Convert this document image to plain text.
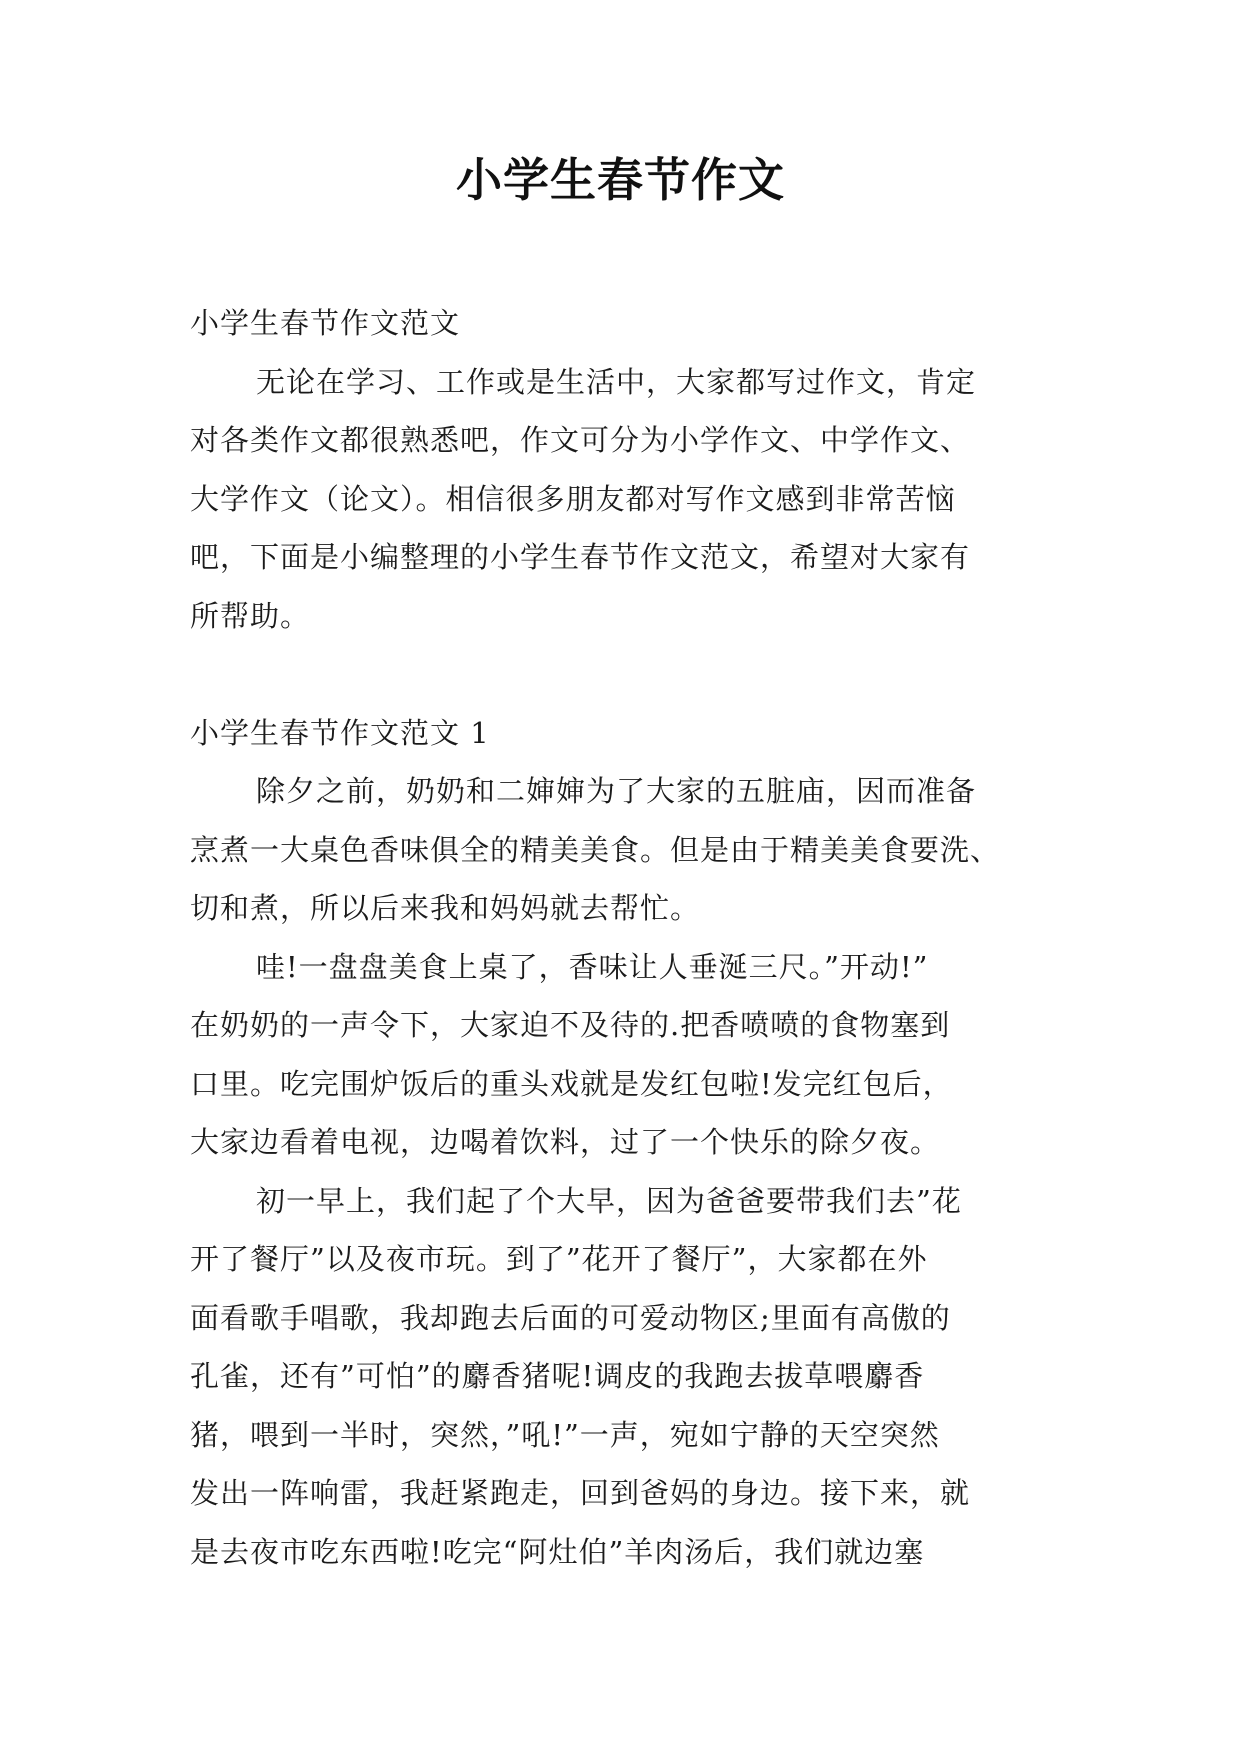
小学生春节作文
小学生春节作文范文
无论在学习、工作或是生活中，大家都写过作文，肯定
对各类作文都很熟悉吧，作文可分为小学作文、中学作文、
大学作文（论文）。相信很多朋友都对写作文感到非常苦恼
吧，下面是小编整理的小学生春节作文范文，希望对大家有
所帮助。
小学生春节作文范文 1
除夕之前，奶奶和二婶婶为了大家的五脏庙，因而准备
烹煮一大桌色香味俱全的精美美食。但是由于精美美食要洗、
切和煮，所以后来我和妈妈就去帮忙。
哇!一盘盘美食上桌了，香味让人垂涎三尺。”开动!”
在奶奶的一声令下，大家迫不及待的.把香喷喷的食物塞到
口里。吃完围炉饭后的重头戏就是发红包啦!发完红包后，
大家边看着电视，边喝着饮料，过了一个快乐的除夕夜。
初一早上，我们起了个大早，因为爸爸要带我们去”花
开了餐厅”以及夜市玩。到了”花开了餐厅”，大家都在外
面看歌手唱歌，我却跑去后面的可爱动物区;里面有高傲的
孔雀，还有”可怕”的麝香猪呢!调皮的我跑去拔草喂麝香
猪，喂到一半时，突然，”吼!”一声，宛如宁静的天空突然
发出一阵响雷，我赶紧跑走，回到爸妈的身边。接下来，就
是去夜市吃东西啦!吃完“阿灶伯”羊肉汤后，我们就边塞
